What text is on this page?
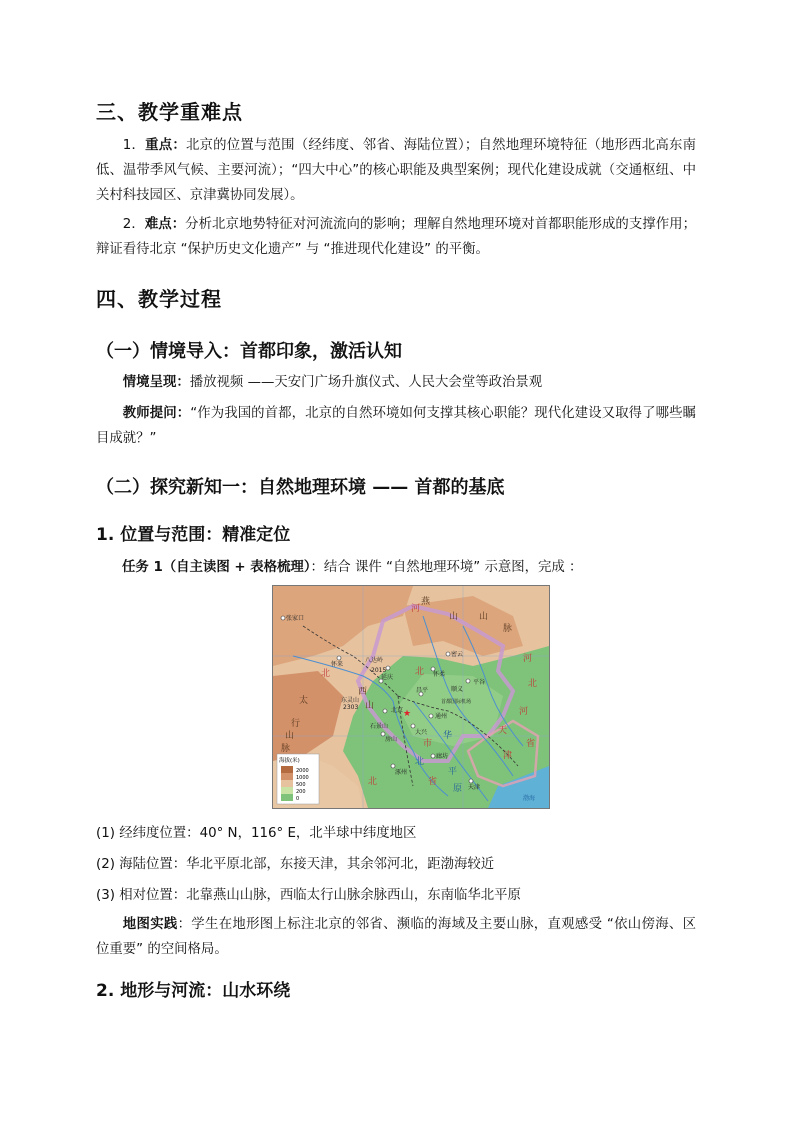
三、教学重难点
1．重点：北京的位置与范围（经纬度、邻省、海陆位置）；自然地理环境特征（地形西北高东南低、温带季风气候、主要河流）；“四大中心”的核心职能及典型案例；现代化建设成就（交通枢纽、中关村科技园区、京津冀协同发展）。
2．难点：分析北京地势特征对河流流向的影响；理解自然地理环境对首都职能形成的支撑作用；辩证看待北京 “保护历史文化遗产” 与 “推进现代化建设” 的平衡。
四、教学过程
（一）情境导入：首都印象，激活认知
情境呈现：播放视频 ——天安门广场升旗仪式、人民大会堂等政治景观
教师提问：“作为我国的首都，北京的自然环境如何支撑其核心职能？现代化建设又取得了哪些瞩目成就？”
（二）探究新知一：自然地理环境 —— 首都的基底
1. 位置与范围：精准定位
任务 1（自主读图 + 表格梳理）：结合 课件 “自然地理环境” 示意图，完成 ：
海拔(米)
2000
1000
500
200
0
★
张家口
怀来
怀柔
密云
八达岭
延庆
昌平	顺义
平谷
北京
石景山
通州
大兴
房山
涿州
廊坊
天津
东灵山
2303
2015
首都国际机场
渤海
燕
山 山
脉
太
行
山
脉
河
北	北
西
山
华
北
平
原
津
北	省
天
市
河
北
河
省
(1) 经纬度位置：40° N，116° E，北半球中纬度地区
(2) 海陆位置：华北平原北部，东接天津，其余邻河北，距渤海较近
(3) 相对位置：北靠燕山山脉，西临太行山脉余脉西山，东南临华北平原
地图实践：学生在地形图上标注北京的邻省、濒临的海域及主要山脉，直观感受 “依山傍海、区位重要” 的空间格局。
2. 地形与河流：山水环绕
